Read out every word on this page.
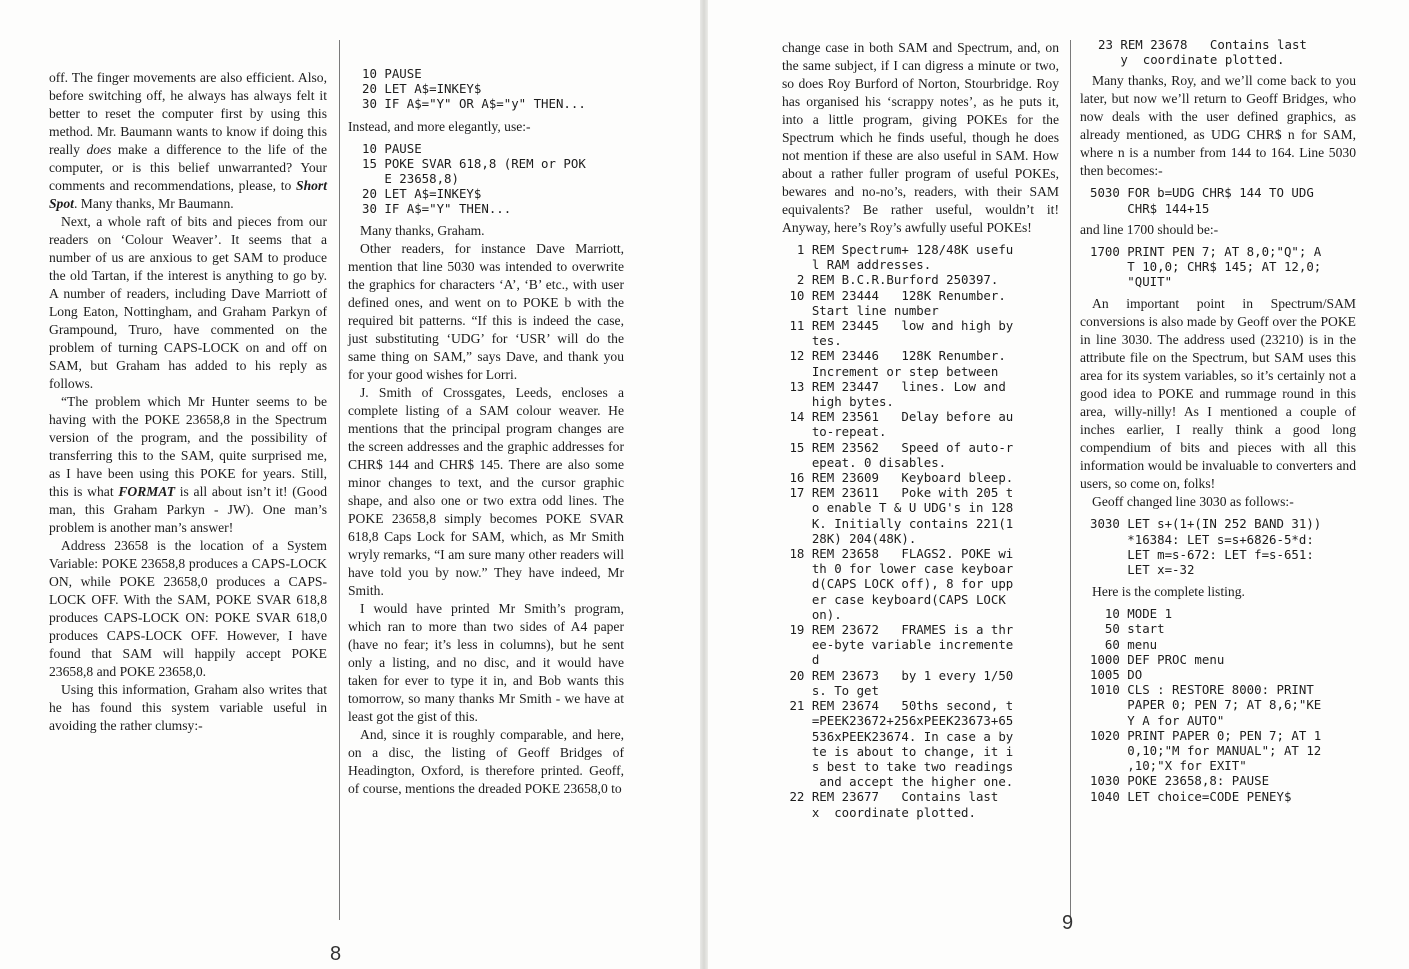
off. The finger movements are also efficient. Also, before switching off, he always has always felt it better to reset the computer first by using this method. Mr. Baumann wants to know if doing this really does make a difference to the life of the computer, or is this belief unwarranted? Your comments and recommendations, please, to Short Spot. Many thanks, Mr Baumann.

Next, a whole raft of bits and pieces from our readers on ‘Colour Weaver’. It seems that a number of us are anxious to get SAM to produce the old Tartan, if the interest is anything to go by. A number of readers, including Dave Marriott of Long Eaton, Nottingham, and Graham Parkyn of Grampound, Truro, have commented on the problem of turning CAPS-LOCK on and off on SAM, but Graham has added to his reply as follows.

“The problem which Mr Hunter seems to be having with the POKE 23658,8 in the Spectrum version of the program, and the possibility of transferring this to the SAM, quite surprised me, as I have been using this POKE for years. Still, this is what FORMAT is all about isn’t it! (Good man, this Graham Parkyn - JW). One man’s problem is another man’s answer!

Address 23658 is the location of a System Variable: POKE 23658,8 produces a CAPS-LOCK ON, while POKE 23658,0 produces a CAPS-LOCK OFF. With the SAM, POKE SVAR 618,8 produces CAPS-LOCK ON: POKE SVAR 618,0 produces CAPS-LOCK OFF. However, I have found that SAM will happily accept POKE 23658,8 and POKE 23658,0.

Using this information, Graham also writes that he has found this system variable useful in avoiding the rather clumsy:-

10 PAUSE
20 LET A$=INKEY$
30 IF A$="Y" OR A$="y" THEN...

Instead, and more elegantly, use:-

10 PAUSE
15 POKE SVAR 618,8 (REM or POK
E 23658,8)
20 LET A$=INKEY$
30 IF A$="Y" THEN...

Many thanks, Graham.

Other readers, for instance Dave Marriott, mention that line 5030 was intended to overwrite the graphics for characters ‘A’, ‘B’ etc., with user defined ones, and went on to POKE b with the required bit patterns. “If this is indeed the case, just substituting ‘UDG’ for ‘USR’ will do the same thing on SAM,” says Dave, and thank you for your good wishes for Lorri.

J. Smith of Crossgates, Leeds, encloses a complete listing of a SAM colour weaver. He mentions that the principal program changes are the screen addresses and the graphic addresses for CHR$ 144 and CHR$ 145. There are also some minor changes to text, and the cursor graphic shape, and also one or two extra odd lines. The POKE 23658,8 simply becomes POKE SVAR 618,8 Caps Lock for SAM, which, as Mr Smith wryly remarks, “I am sure many other readers will have told you by now.” They have indeed, Mr Smith.

I would have printed Mr Smith’s program, which ran to more than two sides of A4 paper (have no fear; it’s less in columns), but he sent only a listing, and no disc, and it would have taken for ever to type it in, and Bob wants this tomorrow, so many thanks Mr Smith - we have at least got the gist of this.

And, since it is roughly comparable, and here, on a disc, the listing of Geoff Bridges of Headington, Oxford, is therefore printed. Geoff, of course, mentions the dreaded POKE 23658,0 to

8

change case in both SAM and Spectrum, and, on the same subject, if I can digress a minute or two, so does Roy Burford of Norton, Stourbridge. Roy has organised his ‘scrappy notes’, as he puts it, into a little program, giving POKEs for the Spectrum which he finds useful, though he does not mention if these are also useful in SAM. How about a rather fuller program of useful POKEs, bewares and no-no’s, readers, with their SAM equivalents? Be rather useful, wouldn’t it! Anyway, here’s Roy’s awfully useful POKEs!

1 REM Spectrum+ 128/48K usefu
l RAM addresses.
2 REM B.C.R.Burford 250397.
10 REM 23444   128K Renumber.
Start line number
11 REM 23445   low and high by
tes.
12 REM 23446   128K Renumber.
Increment or step between
13 REM 23447   lines. Low and
high bytes.
14 REM 23561   Delay before au
to-repeat.
15 REM 23562   Speed of auto-r
epeat. 0 disables.
16 REM 23609   Keyboard bleep.
17 REM 23611   Poke with 205 t
o enable T & U UDG's in 128
K. Initially contains 221(1
28K) 204(48K).
18 REM 23658   FLAGS2. POKE wi
th 0 for lower case keyboar
d(CAPS LOCK off), 8 for upp
er case keyboard(CAPS LOCK
on).
19 REM 23672   FRAMES is a thr
ee-byte variable incremente
d
20 REM 23673   by 1 every 1/50
s. To get
21 REM 23674   50ths second, t
=PEEK23672+256xPEEK23673+65
536xPEEK23674. In case a by
te is about to change, it i
s best to take two readings
and accept the higher one.
22 REM 23677   Contains last
x  coordinate plotted.
23 REM 23678   Contains last
y  coordinate plotted.

Many thanks, Roy, and we’ll come back to you later, but now we’ll return to Geoff Bridges, who now deals with the user defined graphics, as already mentioned, as UDG CHR$ n for SAM, where n is a number from 144 to 164. Line 5030 then becomes:-

5030 FOR b=UDG CHR$ 144 TO UDG
CHR$ 144+15

and line 1700 should be:-

1700 PRINT PEN 7; AT 8,0;"Q"; A
T 10,0; CHR$ 145; AT 12,0;
"QUIT"

An important point in Spectrum/SAM conversions is also made by Geoff over the POKE in line 3030. The address used (23210) is in the attribute file on the Spectrum, but SAM uses this area for its system variables, so it’s certainly not a good idea to POKE and rummage round in this area, willy-nilly! As I mentioned a couple of inches earlier, I really think a good long compendium of bits and pieces with all this information would be invaluable to converters and users, so come on, folks!

Geoff changed line 3030 as follows:-

3030 LET s+(1+(IN 252 BAND 31))
*16384: LET s=s+6826-5*d:
LET m=s-672: LET f=s-651:
LET x=-32

Here is the complete listing.

10 MODE 1
50 start
60 menu
1000 DEF PROC menu
1005 DO
1010 CLS : RESTORE 8000: PRINT
PAPER 0; PEN 7; AT 8,6;"KE
Y A for AUTO"
1020 PRINT PAPER 0; PEN 7; AT 1
0,10;"M for MANUAL"; AT 12
,10;"X for EXIT"
1030 POKE 23658,8: PAUSE
1040 LET choice=CODE PENEY$
9
